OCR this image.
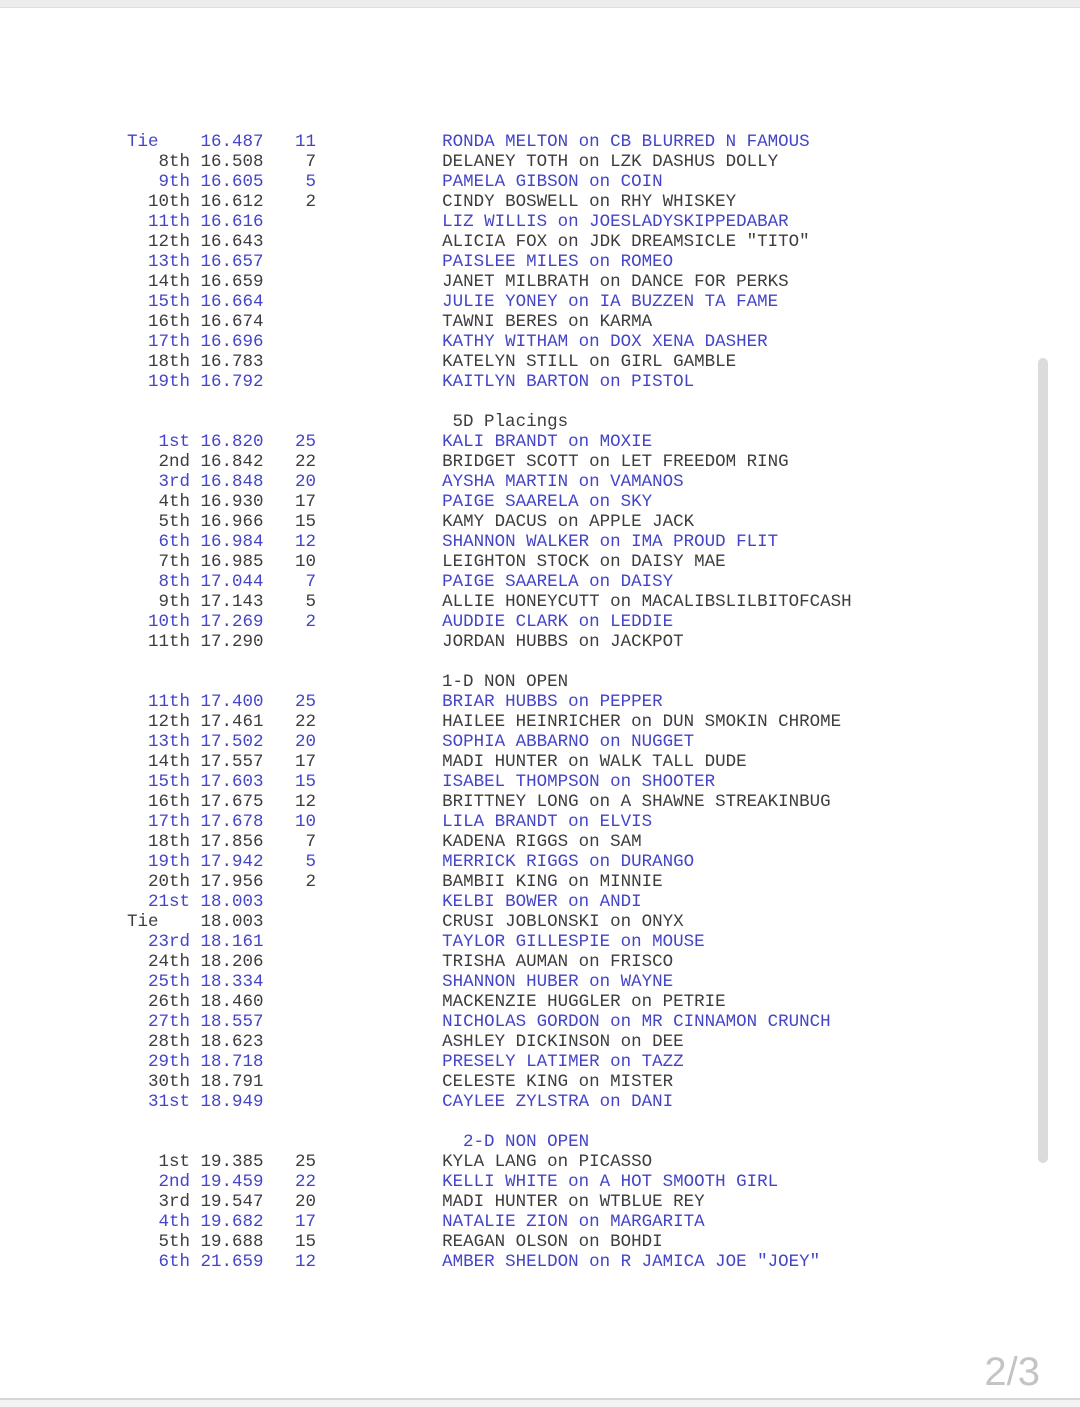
Tie    16.487   11            RONDA MELTON on CB BLURRED N FAMOUS
8th 16.508    7            DELANEY TOTH on LZK DASHUS DOLLY
9th 16.605    5            PAMELA GIBSON on COIN
10th 16.612    2            CINDY BOSWELL on RHY WHISKEY
11th 16.616                 LIZ WILLIS on JOESLADYSKIPPEDABAR
12th 16.643                 ALICIA FOX on JDK DREAMSICLE "TITO"
13th 16.657                 PAISLEE MILES on ROMEO
14th 16.659                 JANET MILBRATH on DANCE FOR PERKS
15th 16.664                 JULIE YONEY on IA BUZZEN TA FAME
16th 16.674                 TAWNI BERES on KARMA
17th 16.696                 KATHY WITHAM on DOX XENA DASHER
18th 16.783                 KATELYN STILL on GIRL GAMBLE
19th 16.792                 KAITLYN BARTON on PISTOL
5D Placings
1st 16.820   25            KALI BRANDT on MOXIE
2nd 16.842   22            BRIDGET SCOTT on LET FREEDOM RING
3rd 16.848   20            AYSHA MARTIN on VAMANOS
4th 16.930   17            PAIGE SAARELA on SKY
5th 16.966   15            KAMY DACUS on APPLE JACK
6th 16.984   12            SHANNON WALKER on IMA PROUD FLIT
7th 16.985   10            LEIGHTON STOCK on DAISY MAE
8th 17.044    7            PAIGE SAARELA on DAISY
9th 17.143    5            ALLIE HONEYCUTT on MACALIBSLILBITOFCASH
10th 17.269    2            AUDDIE CLARK on LEDDIE
11th 17.290                 JORDAN HUBBS on JACKPOT
1-D NON OPEN
11th 17.400   25            BRIAR HUBBS on PEPPER
12th 17.461   22            HAILEE HEINRICHER on DUN SMOKIN CHROME
13th 17.502   20            SOPHIA ABBARNO on NUGGET
14th 17.557   17            MADI HUNTER on WALK TALL DUDE
15th 17.603   15            ISABEL THOMPSON on SHOOTER
16th 17.675   12            BRITTNEY LONG on A SHAWNE STREAKINBUG
17th 17.678   10            LILA BRANDT on ELVIS
18th 17.856    7            KADENA RIGGS on SAM
19th 17.942    5            MERRICK RIGGS on DURANGO
20th 17.956    2            BAMBII KING on MINNIE
21st 18.003                 KELBI BOWER on ANDI
Tie    18.003                 CRUSI JOBLONSKI on ONYX
23rd 18.161                 TAYLOR GILLESPIE on MOUSE
24th 18.206                 TRISHA AUMAN on FRISCO
25th 18.334                 SHANNON HUBER on WAYNE
26th 18.460                 MACKENZIE HUGGLER on PETRIE
27th 18.557                 NICHOLAS GORDON on MR CINNAMON CRUNCH
28th 18.623                 ASHLEY DICKINSON on DEE
29th 18.718                 PRESELY LATIMER on TAZZ
30th 18.791                 CELESTE KING on MISTER
31st 18.949                 CAYLEE ZYLSTRA on DANI
2-D NON OPEN
1st 19.385   25            KYLA LANG on PICASSO
2nd 19.459   22            KELLI WHITE on A HOT SMOOTH GIRL
3rd 19.547   20            MADI HUNTER on WTBLUE REY
4th 19.682   17            NATALIE ZION on MARGARITA
5th 19.688   15            REAGAN OLSON on BOHDI
6th 21.659   12            AMBER SHELDON on R JAMICA JOE "JOEY"
2/3
